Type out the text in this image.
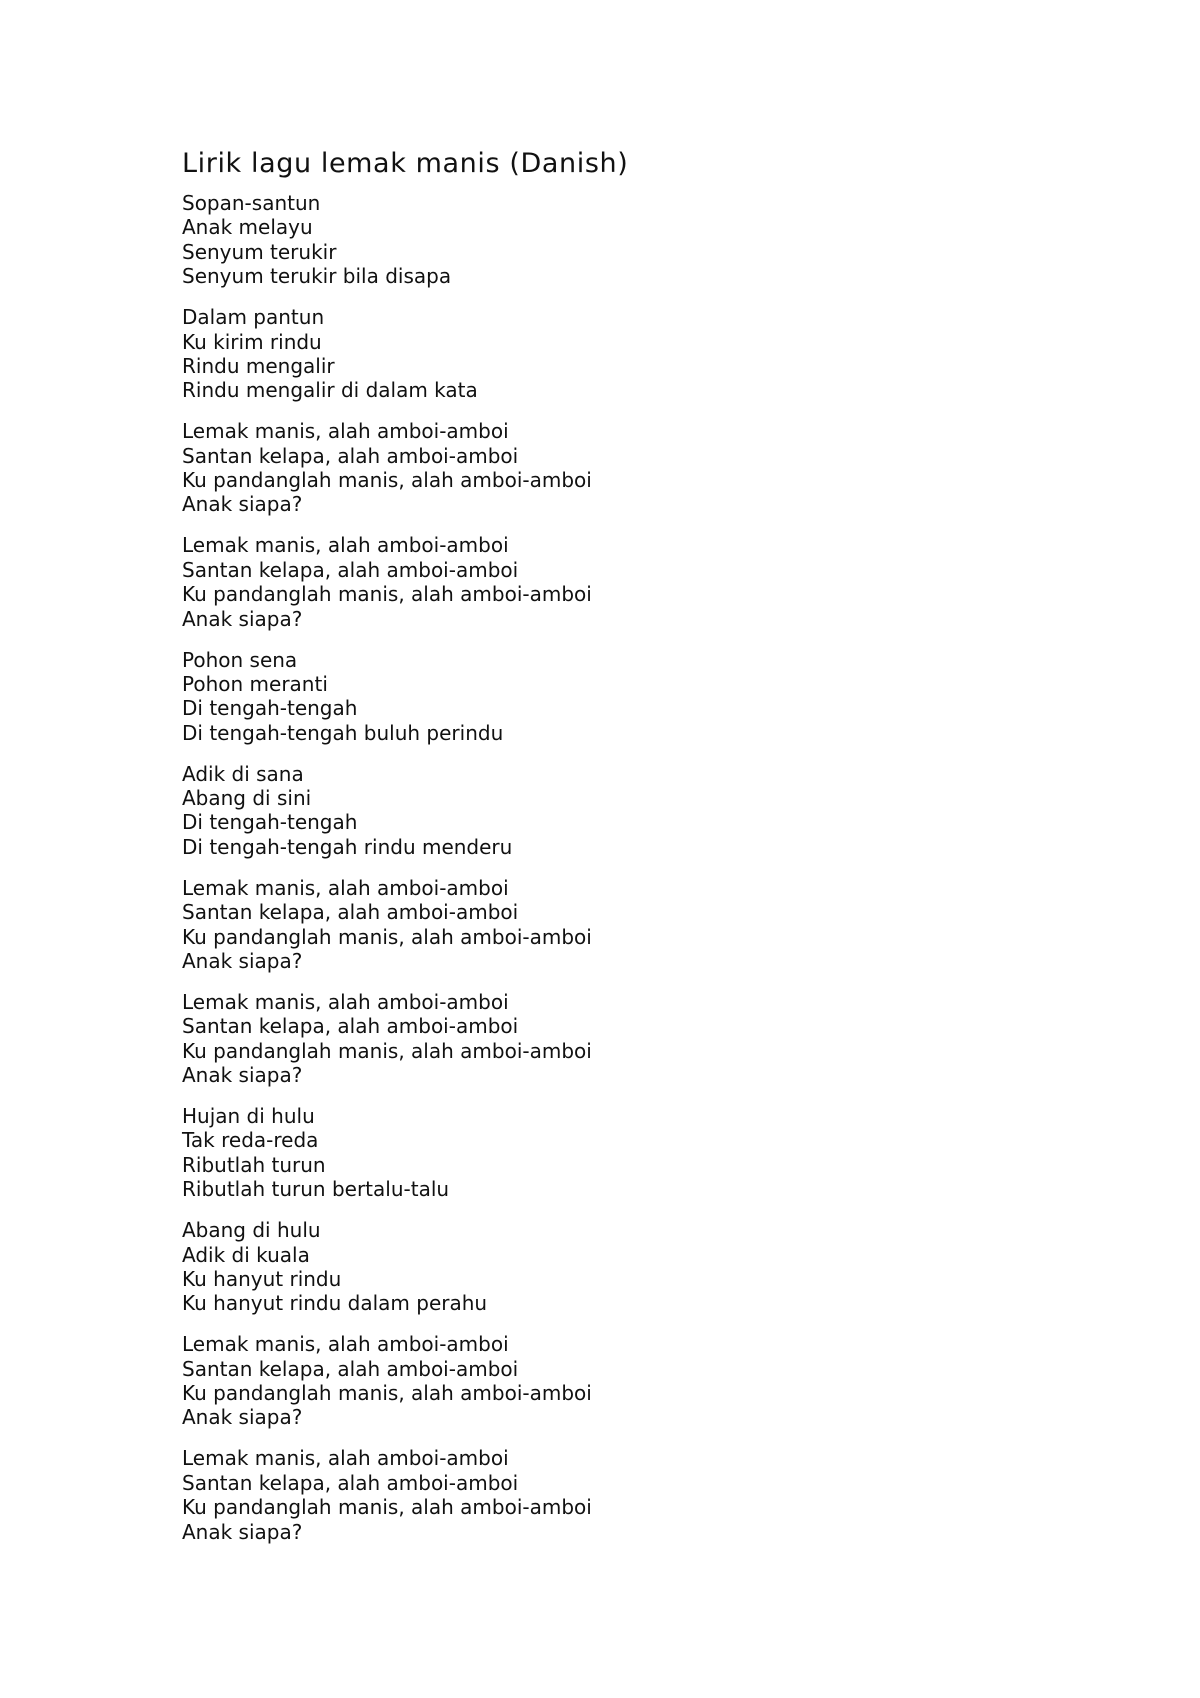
Lirik lagu lemak manis (Danish)
Sopan-santun
Anak melayu
Senyum terukir
Senyum terukir bila disapa
Dalam pantun
Ku kirim rindu
Rindu mengalir
Rindu mengalir di dalam kata
Lemak manis, alah amboi-amboi
Santan kelapa, alah amboi-amboi
Ku pandanglah manis, alah amboi-amboi
Anak siapa?
Lemak manis, alah amboi-amboi
Santan kelapa, alah amboi-amboi
Ku pandanglah manis, alah amboi-amboi
Anak siapa?
Pohon sena
Pohon meranti
Di tengah-tengah
Di tengah-tengah buluh perindu
Adik di sana
Abang di sini
Di tengah-tengah
Di tengah-tengah rindu menderu
Lemak manis, alah amboi-amboi
Santan kelapa, alah amboi-amboi
Ku pandanglah manis, alah amboi-amboi
Anak siapa?
Lemak manis, alah amboi-amboi
Santan kelapa, alah amboi-amboi
Ku pandanglah manis, alah amboi-amboi
Anak siapa?
Hujan di hulu
Tak reda-reda
Ributlah turun
Ributlah turun bertalu-talu
Abang di hulu
Adik di kuala
Ku hanyut rindu
Ku hanyut rindu dalam perahu
Lemak manis, alah amboi-amboi
Santan kelapa, alah amboi-amboi
Ku pandanglah manis, alah amboi-amboi
Anak siapa?
Lemak manis, alah amboi-amboi
Santan kelapa, alah amboi-amboi
Ku pandanglah manis, alah amboi-amboi
Anak siapa?
